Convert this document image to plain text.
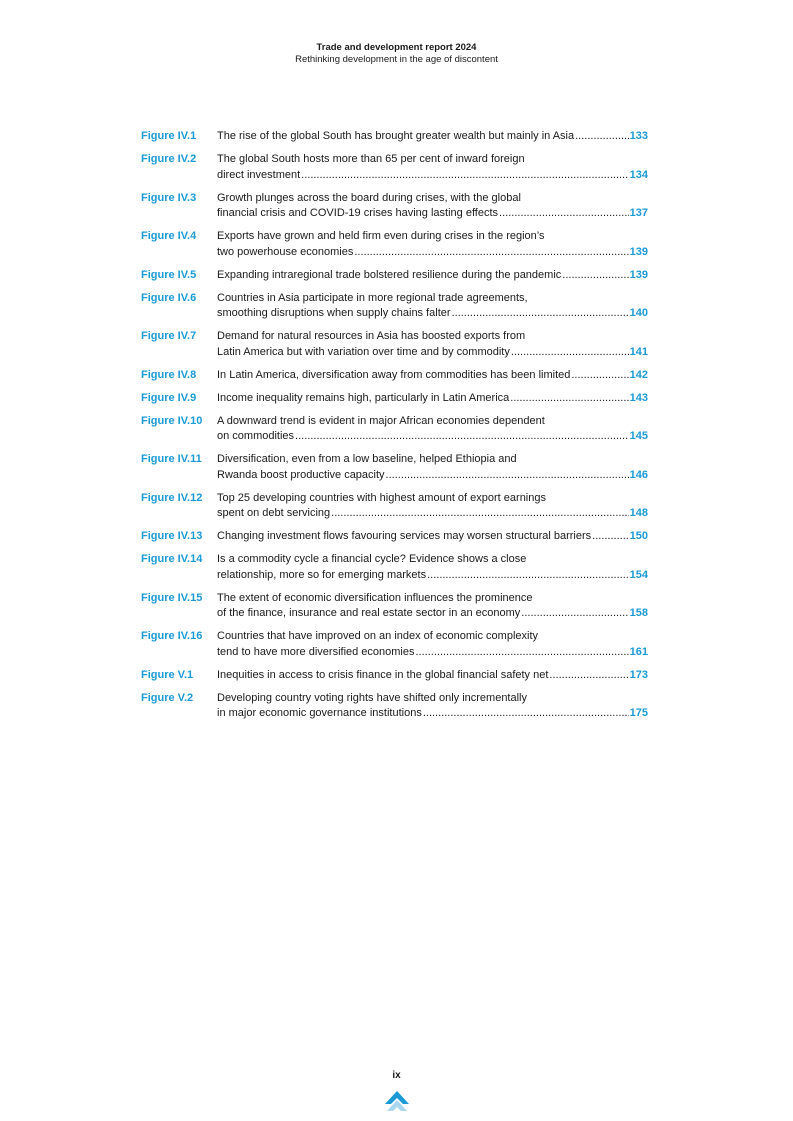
Trade and development report 2024
Rethinking development in the age of discontent
Figure IV.1	The rise of the global South has brought greater wealth but mainly in Asia .....	133
Figure IV.2	The global South hosts more than 65 per cent of inward foreign
direct investment .....	134
Figure IV.3	Growth plunges across the board during crises, with the global
financial crisis and COVID-19 crises having lasting effects .....	137
Figure IV.4	Exports have grown and held firm even during crises in the region’s
two powerhouse economies .....	139
Figure IV.5	Expanding intraregional trade bolstered resilience during the pandemic .....	139
Figure IV.6	Countries in Asia participate in more regional trade agreements,
smoothing disruptions when supply chains falter .....	140
Figure IV.7	Demand for natural resources in Asia has boosted exports from
Latin America but with variation over time and by commodity .....	141
Figure IV.8	In Latin America, diversification away from commodities has been limited .....	142
Figure IV.9	Income inequality remains high, particularly in Latin America .....	143
Figure IV.10	A downward trend is evident in major African economies dependent
on commodities .....	145
Figure IV.11	Diversification, even from a low baseline, helped Ethiopia and
Rwanda boost productive capacity .....	146
Figure IV.12	Top 25 developing countries with highest amount of export earnings
spent on debt servicing .....	148
Figure IV.13	Changing investment flows favouring services may worsen structural barriers .....	150
Figure IV.14	Is a commodity cycle a financial cycle? Evidence shows a close
relationship, more so for emerging markets .....	154
Figure IV.15	The extent of economic diversification influences the prominence
of the finance, insurance and real estate sector in an economy .....	158
Figure IV.16	Countries that have improved on an index of economic complexity
tend to have more diversified economies .....	161
Figure V.1	Inequities in access to crisis finance in the global financial safety net .....	173
Figure V.2	Developing country voting rights have shifted only incrementally
in major economic governance institutions .....	175
ix
